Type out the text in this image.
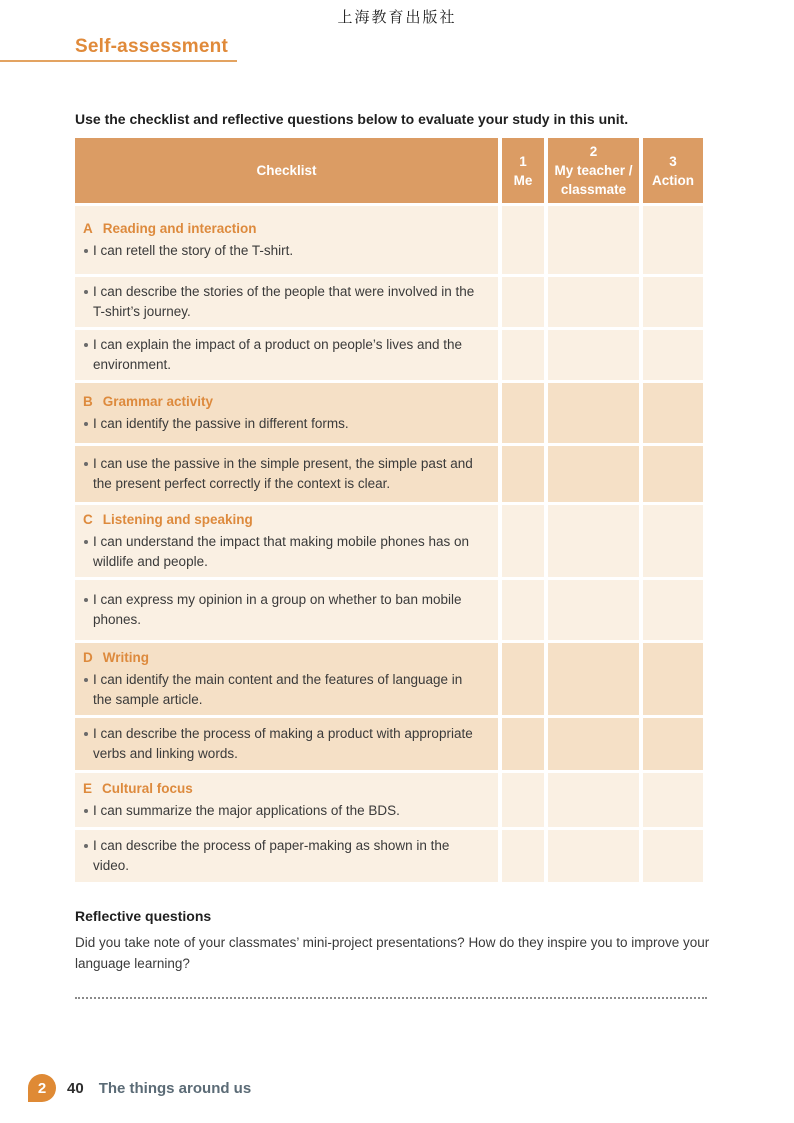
上海教育出版社
Self-assessment
Use the checklist and reflective questions below to evaluate your study in this unit.
Checklist
1
Me
2
My teacher / classmate
3
Action
A Reading and interaction
I can retell the story of the T-shirt.
I can describe the stories of the people that were involved in the T-shirt’s journey.
I can explain the impact of a product on people’s lives and the environment.
B Grammar activity
I can identify the passive in different forms.
I can use the passive in the simple present, the simple past and the present perfect correctly if the context is clear.
C Listening and speaking
I can understand the impact that making mobile phones has on wildlife and people.
I can express my opinion in a group on whether to ban mobile phones.
D Writing
I can identify the main content and the features of language in the sample article.
I can describe the process of making a product with appropriate verbs and linking words.
E Cultural focus
I can summarize the major applications of the BDS.
I can describe the process of paper-making as shown in the video.
Reflective questions
Did you take note of your classmates’ mini-project presentations? How do they inspire you to improve your language learning?
2 40 The things around us
